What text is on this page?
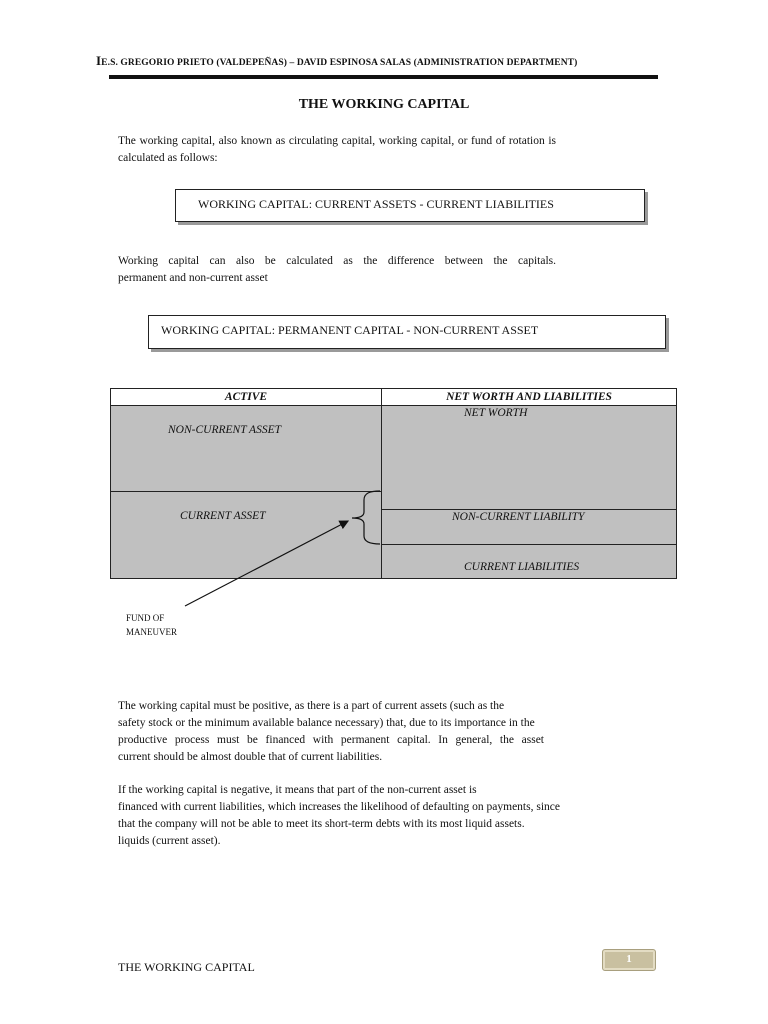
IE.S. GREGORIO PRIETO (VALDEPEÑAS) – DAVID ESPINOSA SALAS (ADMINISTRATION DEPARTMENT)
THE WORKING CAPITAL
The working capital, also known as circulating capital, working capital, or fund of rotation is calculated as follows:
WORKING CAPITAL: CURRENT ASSETS - CURRENT LIABILITIES
Working capital can also be calculated as the difference between the capitals.
permanent and non-current asset
WORKING CAPITAL: PERMANENT CAPITAL - NON-CURRENT ASSET
ACTIVE	NET WORTH AND LIABILITIES
NON-CURRENT ASSET
CURRENT ASSET
NET WORTH
NON-CURRENT LIABILITY
CURRENT LIABILITIES
FUND OF
MANEUVER
The working capital must be positive, as there is a part of current assets (such as the
safety stock or the minimum available balance necessary) that, due to its importance in the
productive process must be financed with permanent capital. In general, the asset
current should be almost double that of current liabilities.
If the working capital is negative, it means that part of the non-current asset is
financed with current liabilities, which increases the likelihood of defaulting on payments, since
that the company will not be able to meet its short-term debts with its most liquid assets.
liquids (current asset).
1
THE WORKING CAPITAL
